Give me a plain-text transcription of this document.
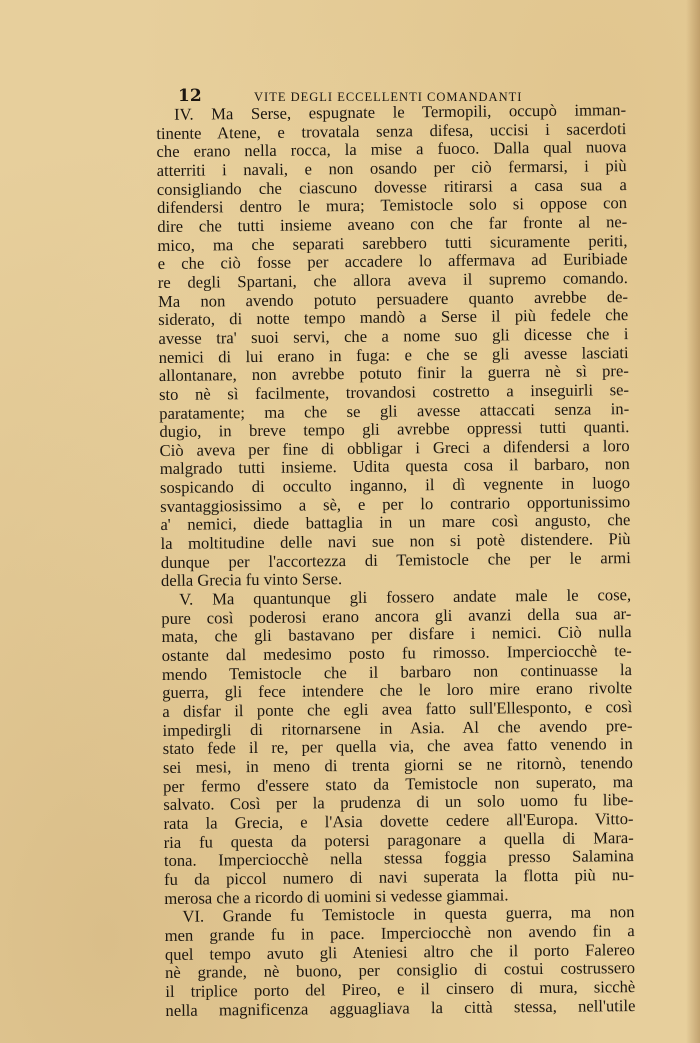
12	VITE DEGLI ECCELLENTI COMANDANTI
IV. Ma Serse, espugnate le Termopili, occupò imman-
tinente Atene, e trovatala senza difesa, uccisi i sacerdoti
che erano nella rocca, la mise a fuoco. Dalla qual nuova
atterriti i navali, e non osando per ciò fermarsi, i più
consigliando che ciascuno dovesse ritirarsi a casa sua a
difendersi dentro le mura; Temistocle solo si oppose con
dire che tutti insieme aveano con che far fronte al ne-
mico, ma che separati sarebbero tutti sicuramente periti,
e che ciò fosse per accadere lo affermava ad Euribiade
re degli Spartani, che allora aveva il supremo comando.
Ma non avendo potuto persuadere quanto avrebbe de-
siderato, di notte tempo mandò a Serse il più fedele che
avesse tra' suoi servi, che a nome suo gli dicesse che i
nemici di lui erano in fuga: e che se gli avesse lasciati
allontanare, non avrebbe potuto finir la guerra nè sì pre-
sto nè sì facilmente, trovandosi costretto a inseguirli se-
paratamente; ma che se gli avesse attaccati senza in-
dugio, in breve tempo gli avrebbe oppressi tutti quanti.
Ciò aveva per fine di obbligar i Greci a difendersi a loro
malgrado tutti insieme. Udita questa cosa il barbaro, non
sospicando di occulto inganno, il dì vegnente in luogo
svantaggiosissimo a sè, e per lo contrario opportunissimo
a' nemici, diede battaglia in un mare così angusto, che
la moltitudine delle navi sue non si potè distendere. Più
dunque per l'accortezza di Temistocle che per le armi
della Grecia fu vinto Serse.
V. Ma quantunque gli fossero andate male le cose,
pure così poderosi erano ancora gli avanzi della sua ar-
mata, che gli bastavano per disfare i nemici. Ciò nulla
ostante dal medesimo posto fu rimosso. Imperciocchè te-
mendo Temistocle che il barbaro non continuasse la
guerra, gli fece intendere che le loro mire erano rivolte
a disfar il ponte che egli avea fatto sull'Ellesponto, e così
impedirgli di ritornarsene in Asia. Al che avendo pre-
stato fede il re, per quella via, che avea fatto venendo in
sei mesi, in meno di trenta giorni se ne ritornò, tenendo
per fermo d'essere stato da Temistocle non superato, ma
salvato. Così per la prudenza di un solo uomo fu libe-
rata la Grecia, e l'Asia dovette cedere all'Europa. Vitto-
ria fu questa da potersi paragonare a quella di Mara-
tona. Imperciocchè nella stessa foggia presso Salamina
fu da piccol numero di navi superata la flotta più nu-
merosa che a ricordo di uomini si vedesse giammai.
VI. Grande fu Temistocle in questa guerra, ma non
men grande fu in pace. Imperciocchè non avendo fin a
quel tempo avuto gli Ateniesi altro che il porto Falereo
nè grande, nè buono, per consiglio di costui costrussero
il triplice porto del Pireo, e il cinsero di mura, sicchè
nella magnificenza agguagliava la città stessa, nell'utile
